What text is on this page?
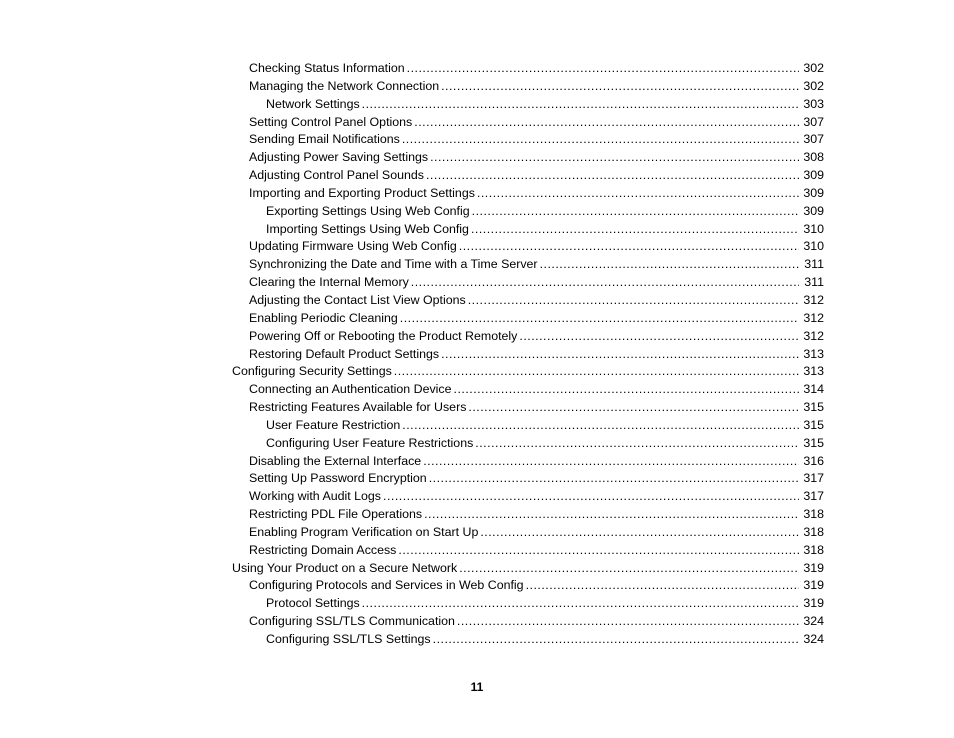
Checking Status Information .....	302
Managing the Network Connection .....	302
Network Settings .....	303
Setting Control Panel Options .....	307
Sending Email Notifications .....	307
Adjusting Power Saving Settings .....	308
Adjusting Control Panel Sounds .....	309
Importing and Exporting Product Settings .....	309
Exporting Settings Using Web Config .....	309
Importing Settings Using Web Config .....	310
Updating Firmware Using Web Config .....	310
Synchronizing the Date and Time with a Time Server .....	311
Clearing the Internal Memory .....	311
Adjusting the Contact List View Options .....	312
Enabling Periodic Cleaning .....	312
Powering Off or Rebooting the Product Remotely .....	312
Restoring Default Product Settings .....	313
Configuring Security Settings .....	313
Connecting an Authentication Device .....	314
Restricting Features Available for Users .....	315
User Feature Restriction .....	315
Configuring User Feature Restrictions .....	315
Disabling the External Interface .....	316
Setting Up Password Encryption .....	317
Working with Audit Logs .....	317
Restricting PDL File Operations .....	318
Enabling Program Verification on Start Up .....	318
Restricting Domain Access .....	318
Using Your Product on a Secure Network .....	319
Configuring Protocols and Services in Web Config .....	319
Protocol Settings .....	319
Configuring SSL/TLS Communication .....	324
Configuring SSL/TLS Settings .....	324
11
